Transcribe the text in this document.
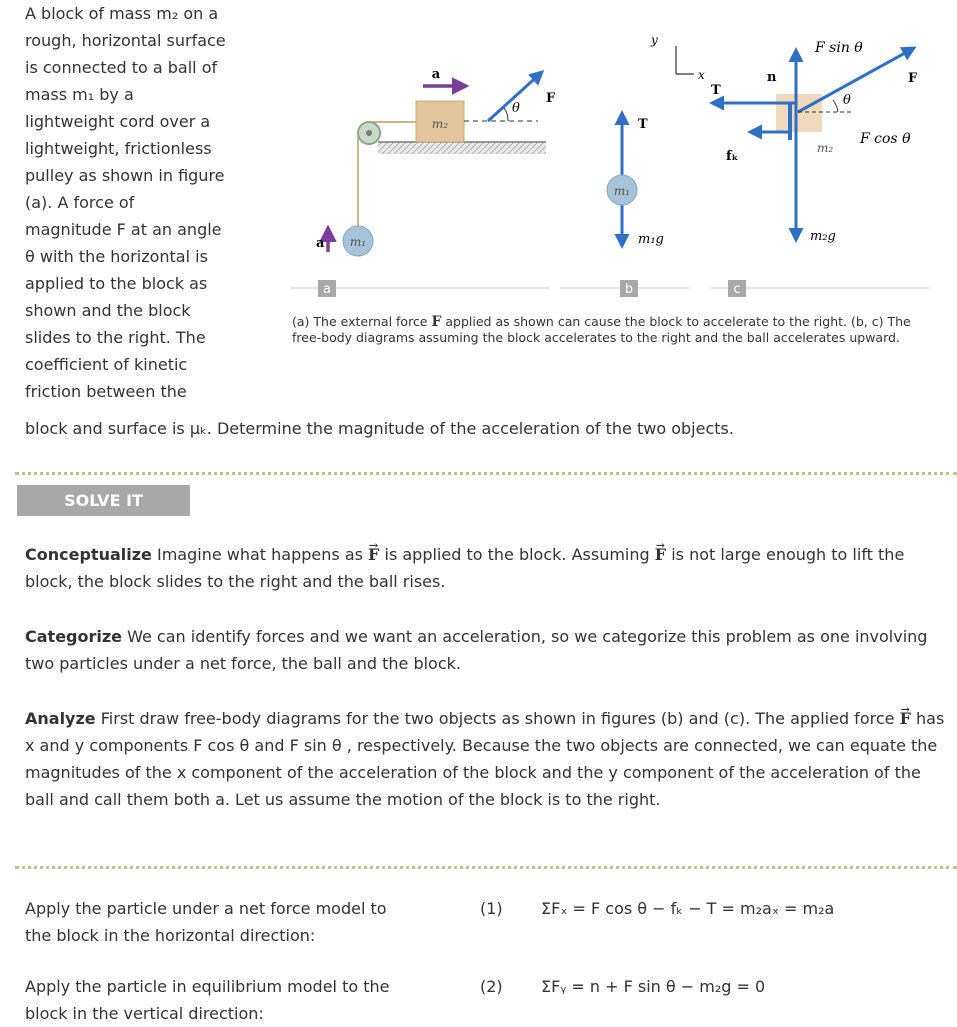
A block of mass m₂ on a
rough, horizontal surface
is connected to a ball of
mass m₁ by a
lightweight cord over a
lightweight, frictionless
pulley as shown in figure
(a). A force of
magnitude F at an angle
θ with the horizontal is
applied to the block as
shown and the block
slides to the right. The
coefficient of kinetic
friction between the
block and surface is μₖ. Determine the magnitude of the acceleration of the two objects.
m₂
a
θ
F
m₁
a
y
x
T
m₁
m₁g
θ
T
n
F sin θ
F
F cos θ
m₂
fₖ
m₂g
a	b	c
(a) The external force F applied as shown can cause the block to accelerate to the right. (b, c) The free-body diagrams assuming the block accelerates to the right and the ball accelerates upward.
SOLVE IT

Conceptualize Imagine what happens as → F is applied to the block. Assuming → F is not large enough to lift the block, the block slides to the right and the ball rises.

Categorize We can identify forces and we want an acceleration, so we categorize this problem as one involving two particles under a net force, the ball and the block.

Analyze First draw free-body diagrams for the two objects as shown in figures (b) and (c). The applied force → F has x and y components F cos θ and F sin θ , respectively. Because the two objects are connected, we can equate the magnitudes of the x component of the acceleration of the block and the y component of the acceleration of the ball and call them both a. Let us assume the motion of the block is to the right.

Apply the particle under a net force model to the block in the horizontal direction:
(1) ΣFₓ = F cos θ − fₖ − T = m₂aₓ = m₂a
Apply the particle in equilibrium model to the block in the vertical direction:
(2) ΣFᵧ = n + F sin θ − m₂g = 0
